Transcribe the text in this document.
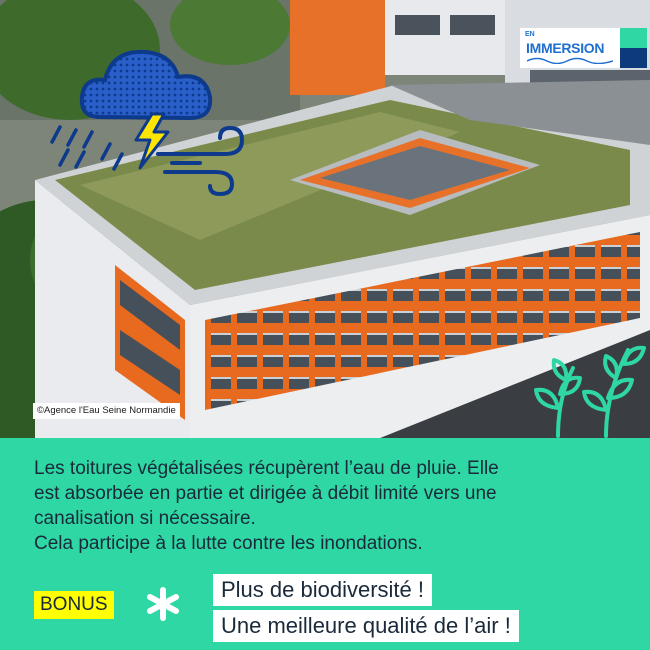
©Agence l'Eau Seine Normandie
EN
IMMERSION

Les toitures végétalisées récupèrent l’eau de pluie. Elle

est absorbée en partie et dirigée à débit limité vers une

canalisation si nécessaire.

Cela participe à la lutte contre les inondations.

BONUS
Plus de biodiversité !
Une meilleure qualité de l’air !
